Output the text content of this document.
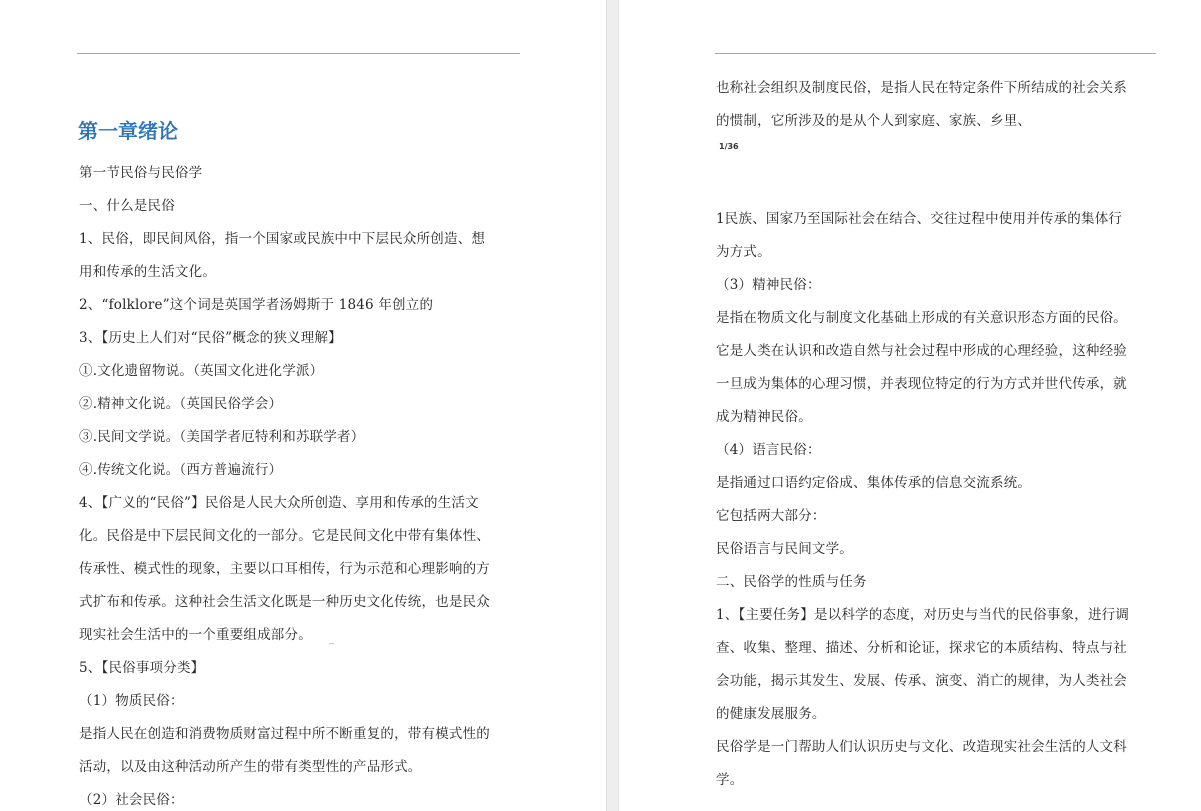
第一章绪论
第一节民俗与民俗学
一、什么是民俗
1、民俗，即民间风俗，指一个国家或民族中中下层民众所创造、想
用和传承的生活文化。
2、“folklore”这个词是英国学者汤姆斯于 1846 年创立的
3、【历史上人们对“民俗”概念的狭义理解】
①.文化遗留物说。（英国文化进化学派）
②.精神文化说。（英国民俗学会）
③.民间文学说。（美国学者厄特利和苏联学者）
④.传统文化说。（西方普遍流行）
4、【广义的“民俗”】民俗是人民大众所创造、享用和传承的生活文
化。民俗是中下层民间文化的一部分。它是民间文化中带有集体性、
传承性、模式性的现象，主要以口耳相传，行为示范和心理影响的方
式扩布和传承。这种社会生活文化既是一种历史文化传统，也是民众
现实社会生活中的一个重要组成部分。
5、【民俗事项分类】
（1）物质民俗：
是指人民在创造和消费物质财富过程中所不断重复的，带有模式性的
活动，以及由这种活动所产生的带有类型性的产品形式。
（2）社会民俗：
也称社会组织及制度民俗，是指人民在特定条件下所结成的社会关系
的惯制，它所涉及的是从个人到家庭、家族、乡里、
1/36
1民族、国家乃至国际社会在结合、交往过程中使用并传承的集体行
为方式。
（3）精神民俗：
是指在物质文化与制度文化基础上形成的有关意识形态方面的民俗。
它是人类在认识和改造自然与社会过程中形成的心理经验，这种经验
一旦成为集体的心理习惯，并表现位特定的行为方式并世代传承，就
成为精神民俗。
（4）语言民俗：
是指通过口语约定俗成、集体传承的信息交流系统。
它包括两大部分：
民俗语言与民间文学。
二、民俗学的性质与任务
1、【主要任务】是以科学的态度，对历史与当代的民俗事象，进行调
查、收集、整理、描述、分析和论证，探求它的本质结构、特点与社
会功能，揭示其发生、发展、传承、演变、消亡的规律，为人类社会
的健康发展服务。
民俗学是一门帮助人们认识历史与文化、改造现实社会生活的人文科
学。
